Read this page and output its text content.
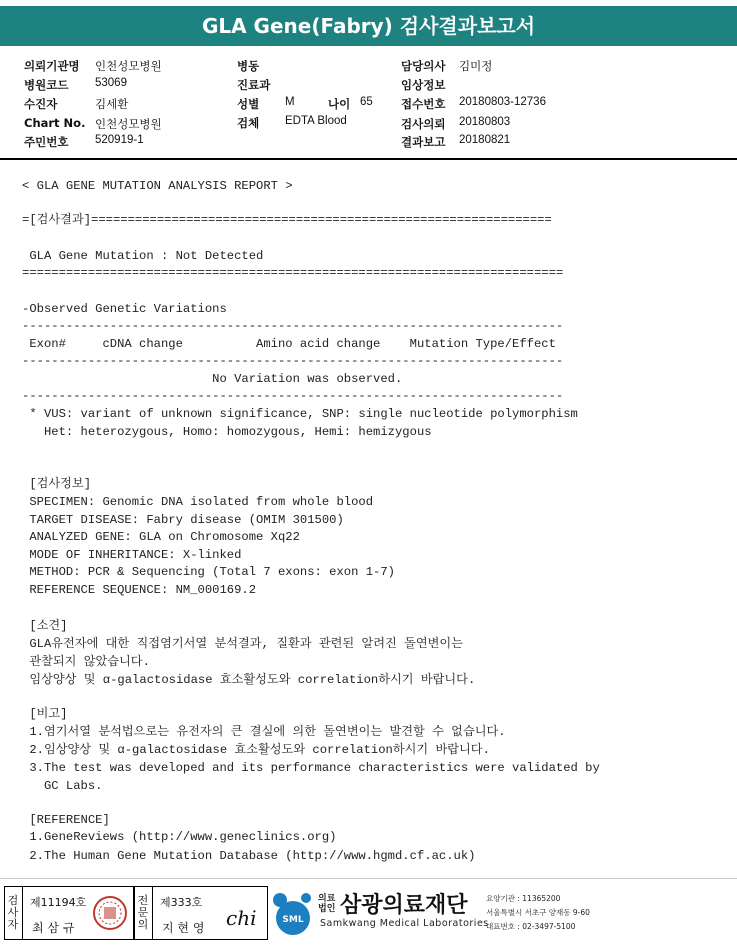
GLA Gene(Fabry) 검사결과보고서
의뢰기관명 인천성모병원
병원코드 53069
수진자	김세환
Chart No. 인천성모병원
주민번호 520919-1
병동
진료과
성별 M	나이 65
검체 EDTA Blood
담당의사 김미정
임상정보
접수번호 20180803-12736
검사의뢰 20180803
결과보고 20180821
< GLA GENE MUTATION ANALYSIS REPORT >
=[검사결과]===============================================================
GLA Gene Mutation : Not Detected
==========================================================================
-Observed Genetic Variations
--------------------------------------------------------------------------
Exon#     cDNA change          Amino acid change    Mutation Type/Effect
--------------------------------------------------------------------------
No Variation was observed.
--------------------------------------------------------------------------
* VUS: variant of unknown significance, SNP: single nucleotide polymorphism
Het: heterozygous, Homo: homozygous, Hemi: hemizygous
[검사정보]
SPECIMEN: Genomic DNA isolated from whole blood
TARGET DISEASE: Fabry disease (OMIM 301500)
ANALYZED GENE: GLA on Chromosome Xq22
MODE OF INHERITANCE: X-linked
METHOD: PCR & Sequencing (Total 7 exons: exon 1-7)
REFERENCE SEQUENCE: NM_000169.2
[소견]
GLA유전자에 대한 직접염기서열 분석결과, 질환과 관련된 알려진 돌연변이는
관찰되지 않았습니다.
임상양상 및 α-galactosidase 효소활성도와 correlation하시기 바랍니다.
[비고]
1.염기서열 분석법으로는 유전자의 큰 결실에 의한 돌연변이는 발견할 수 없습니다.
2.임상양상 및 α-galactosidase 효소활성도와 correlation하시기 바랍니다.
3.The test was developed and its performance characteristics were validated by
GC Labs.
[REFERENCE]
1.GeneReviews (http://www.geneclinics.org)
2.The Human Gene Mutation Database (http://www.hgmd.cf.ac.uk)
검사자
제11194호
최 삼 규
전문의
제333호
지 현 영 chi	SML
의료법인 삼광의료재단
Samkwang Medical Laboratories
요양기관 : 11365200
서울특별시 서초구 양재동 9-60
대표번호 : 02-3497-5100
